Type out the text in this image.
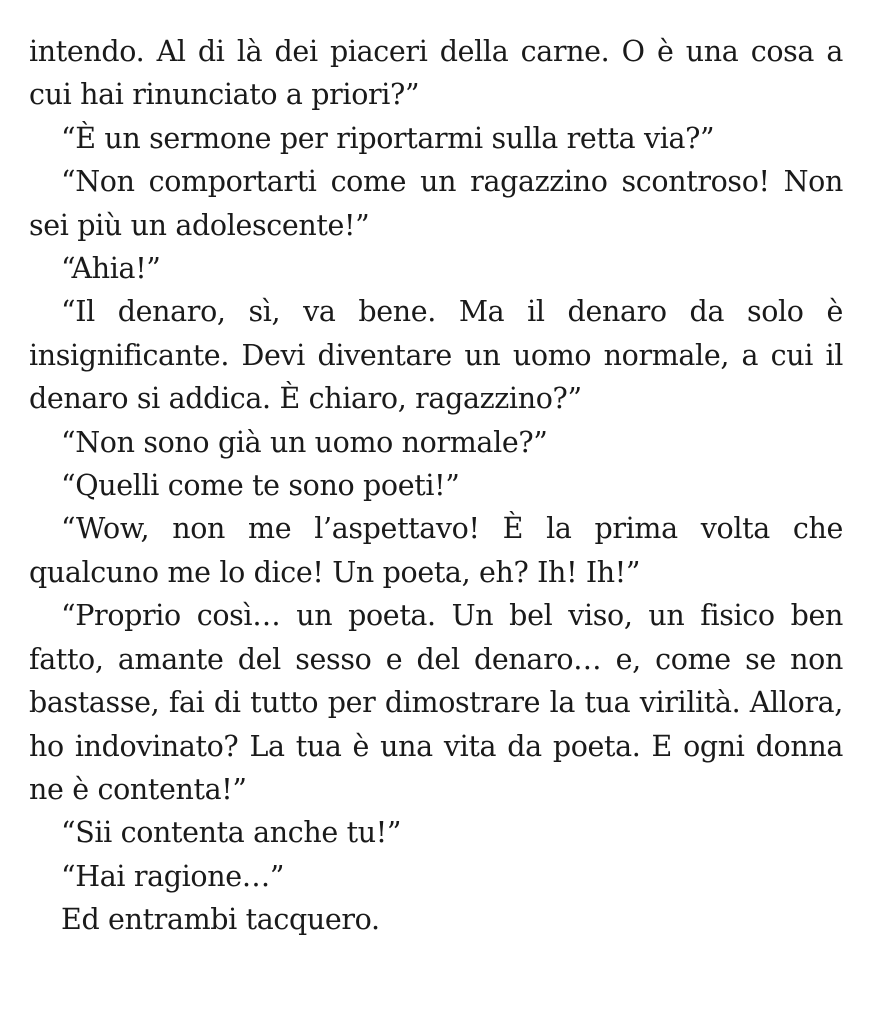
intendo. Al di là dei piaceri della carne. O è una cosa a cui hai rinunciato a priori?”

“È un sermone per riportarmi sulla retta via?”

“Non comportarti come un ragazzino scontroso! Non sei più un adolescente!”

“Ahia!”

“Il denaro, sì, va bene. Ma il denaro da solo è insignificante. Devi diventare un uomo normale, a cui il denaro si addica. È chiaro, ragazzino?”

“Non sono già un uomo normale?”

“Quelli come te sono poeti!”

“Wow, non me l’aspettavo! È la prima volta che qualcuno me lo dice! Un poeta, eh? Ih! Ih!”

“Proprio così… un poeta. Un bel viso, un fisico ben fatto, amante del sesso e del denaro… e, come se non bastasse, fai di tutto per dimostrare la tua virilità. Allora, ho indovinato? La tua è una vita da poeta. E ogni donna ne è contenta!”

“Sii contenta anche tu!”

“Hai ragione…”

Ed entrambi tacquero.
